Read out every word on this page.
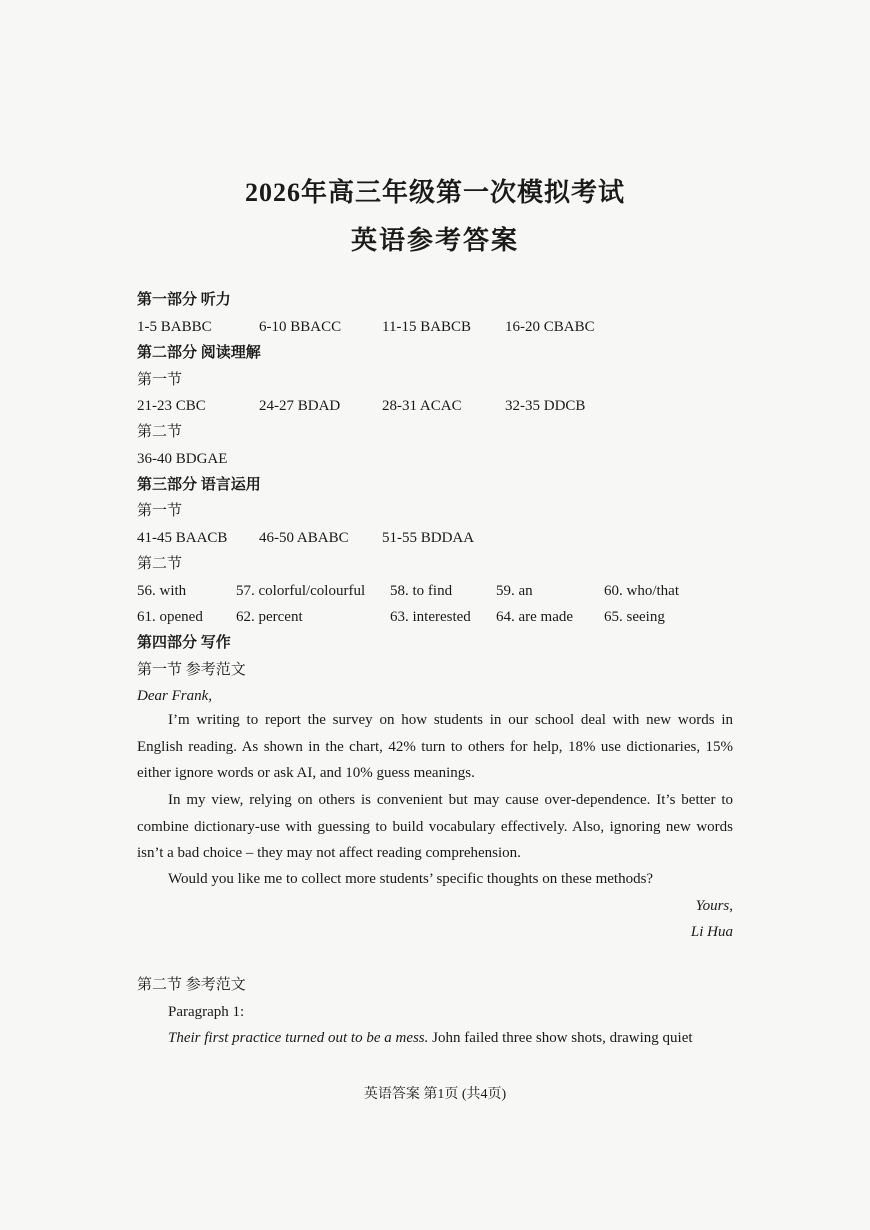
2026年高三年级第一次模拟考试
英语参考答案
第一部分 听力
1-5 BABBC	6-10 BBACC	11-15 BABCB 16-20 CBABC
第二部分 阅读理解
第一节
21-23 CBC	24-27 BDAD	28-31 ACAC	32-35 DDCB
第二节
36-40 BDGAE
第三部分 语言运用
第一节
41-45 BAACB 46-50 ABABC 51-55 BDDAA
第二节
56. with	57. colorful/colourful 58. to find	59. an	60. who/that
61. opened 62. percent	63. interested 64. are made 65. seeing
第四部分 写作
第一节 参考范文
Dear Frank,
I’m writing to report the survey on how students in our school deal with new words in English reading. As shown in the chart, 42% turn to others for help, 18% use dictionaries, 15% either ignore words or ask AI, and 10% guess meanings.
In my view, relying on others is convenient but may cause over-dependence. It’s better to combine dictionary-use with guessing to build vocabulary effectively. Also, ignoring new words isn’t a bad choice – they may not affect reading comprehension.
Would you like me to collect more students’ specific thoughts on these methods?
Yours,
Li Hua
第二节 参考范文
Paragraph 1:
Their first practice turned out to be a mess. John failed three show shots, drawing quiet
英语答案 第1页 (共4页)
